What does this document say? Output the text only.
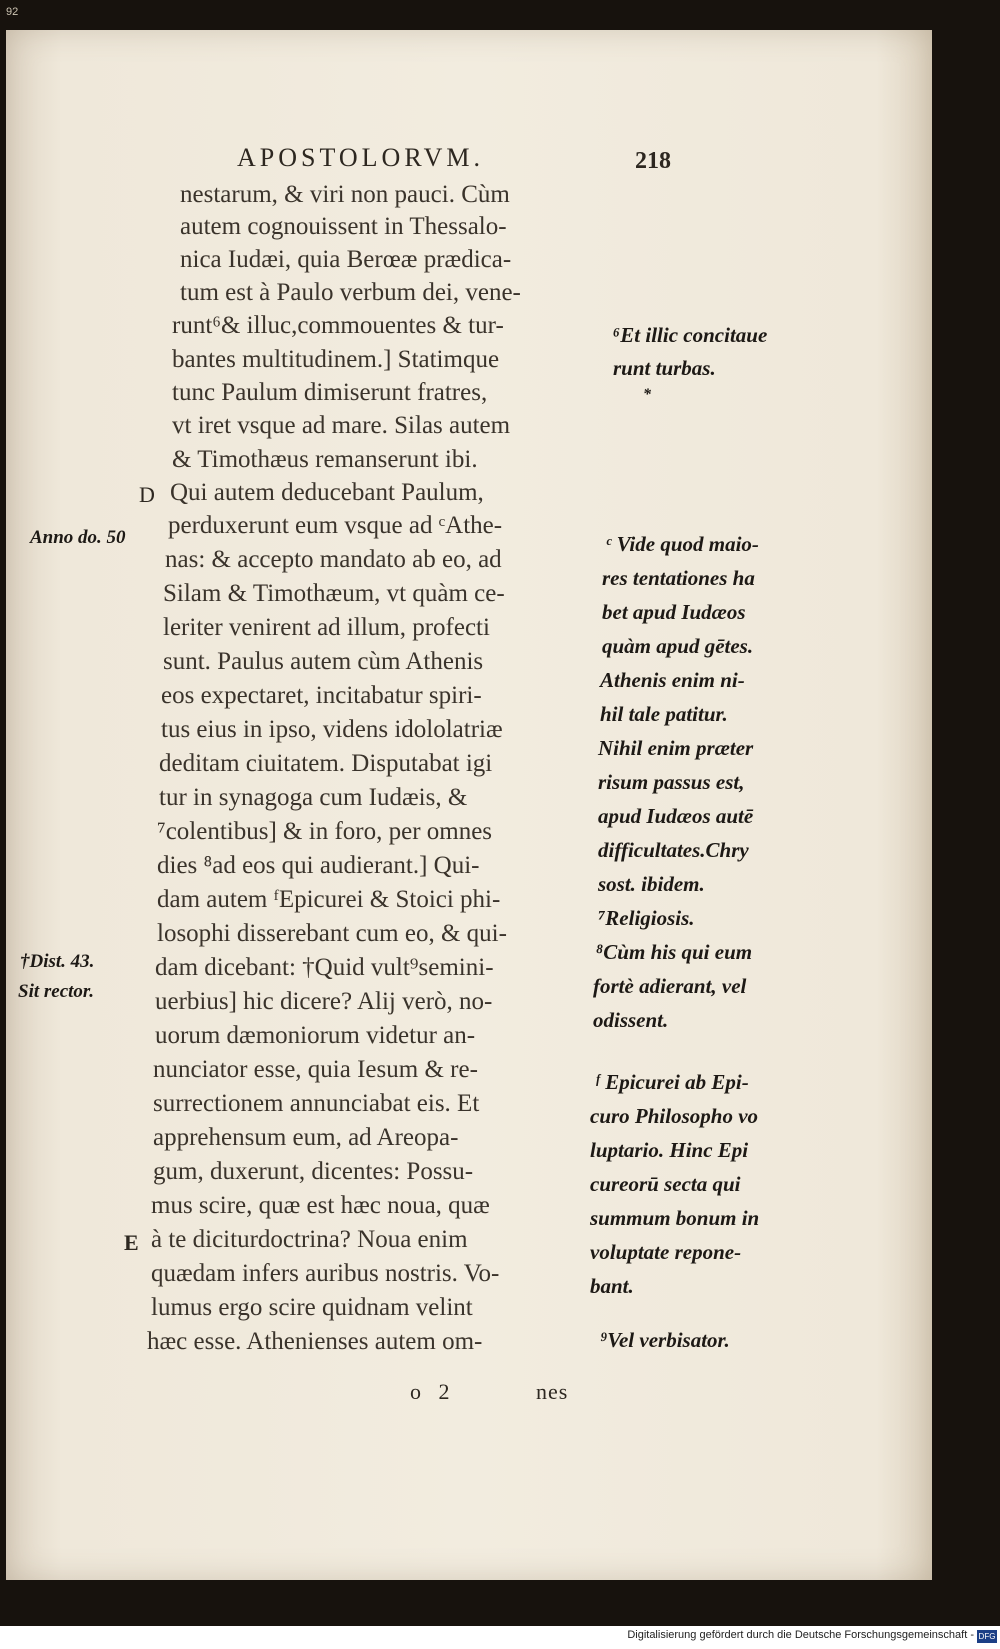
92
APOSTOLORVM.	218
nestarum, & viri non pauci. Cùm
autem cognouissent in Thessalo-
nica Iudæi, quia Berœæ prædica-
tum est à Paulo verbum dei, vene-
runt⁶& illuc,commouentes & tur-
bantes multitudinem.] Statimque
tunc Paulum dimiserunt fratres,
vt iret vsque ad mare. Silas autem
& Timothæus remanserunt ibi.
Qui autem deducebant Paulum,
perduxerunt eum vsque ad ᶜAthe-
nas: & accepto mandato ab eo, ad
Silam & Timothæum, vt quàm ce-
leriter venirent ad illum, profecti
sunt. Paulus autem cùm Athenis
eos expectaret, incitabatur spiri-
tus eius in ipso, videns idololatriæ
deditam ciuitatem. Disputabat igi
tur in synagoga cum Iudæis, &
⁷colentibus] & in foro, per omnes
dies ⁸ad eos qui audierant.] Qui-
dam autem ᶠEpicurei & Stoici phi-
losophi disserebant cum eo, & qui-
dam dicebant: †Quid vult⁹semini-
uerbius] hic dicere? Alij verò, no-
uorum dæmoniorum videtur an-
nunciator esse, quia Iesum & re-
surrectionem annunciabat eis. Et
apprehensum eum, ad Areopa-
gum, duxerunt, dicentes: Possu-
mus scire, quæ est hæc noua, quæ
à te diciturdoctrina? Noua enim
quædam infers auribus nostris. Vo-
lumus ergo scire quidnam velint
hæc esse. Athenienses autem om-
D
E
Anno do. 50
†Dist. 43.
Sit rector.
⁶Et illic concitaue
runt turbas.
*
ᶜ Vide quod maio-
res tentationes ha
bet apud Iudæos
quàm apud gētes.
Athenis enim ni-
hil tale patitur.
Nihil enim præter
risum passus est,
apud Iudæos autē
difficultates.Chry
sost. ibidem.
⁷Religiosis.
⁸Cùm his qui eum
fortè adierant, vel
odissent.
ᶠ Epicurei ab Epi-
curo Philosopho vo
luptario. Hinc Epi
cureorū secta qui
summum bonum in
voluptate repone-
bant.
⁹Vel verbisator.
o 2	nes
Digitalisierung gefördert durch die Deutsche Forschungsgemeinschaft - DFG
